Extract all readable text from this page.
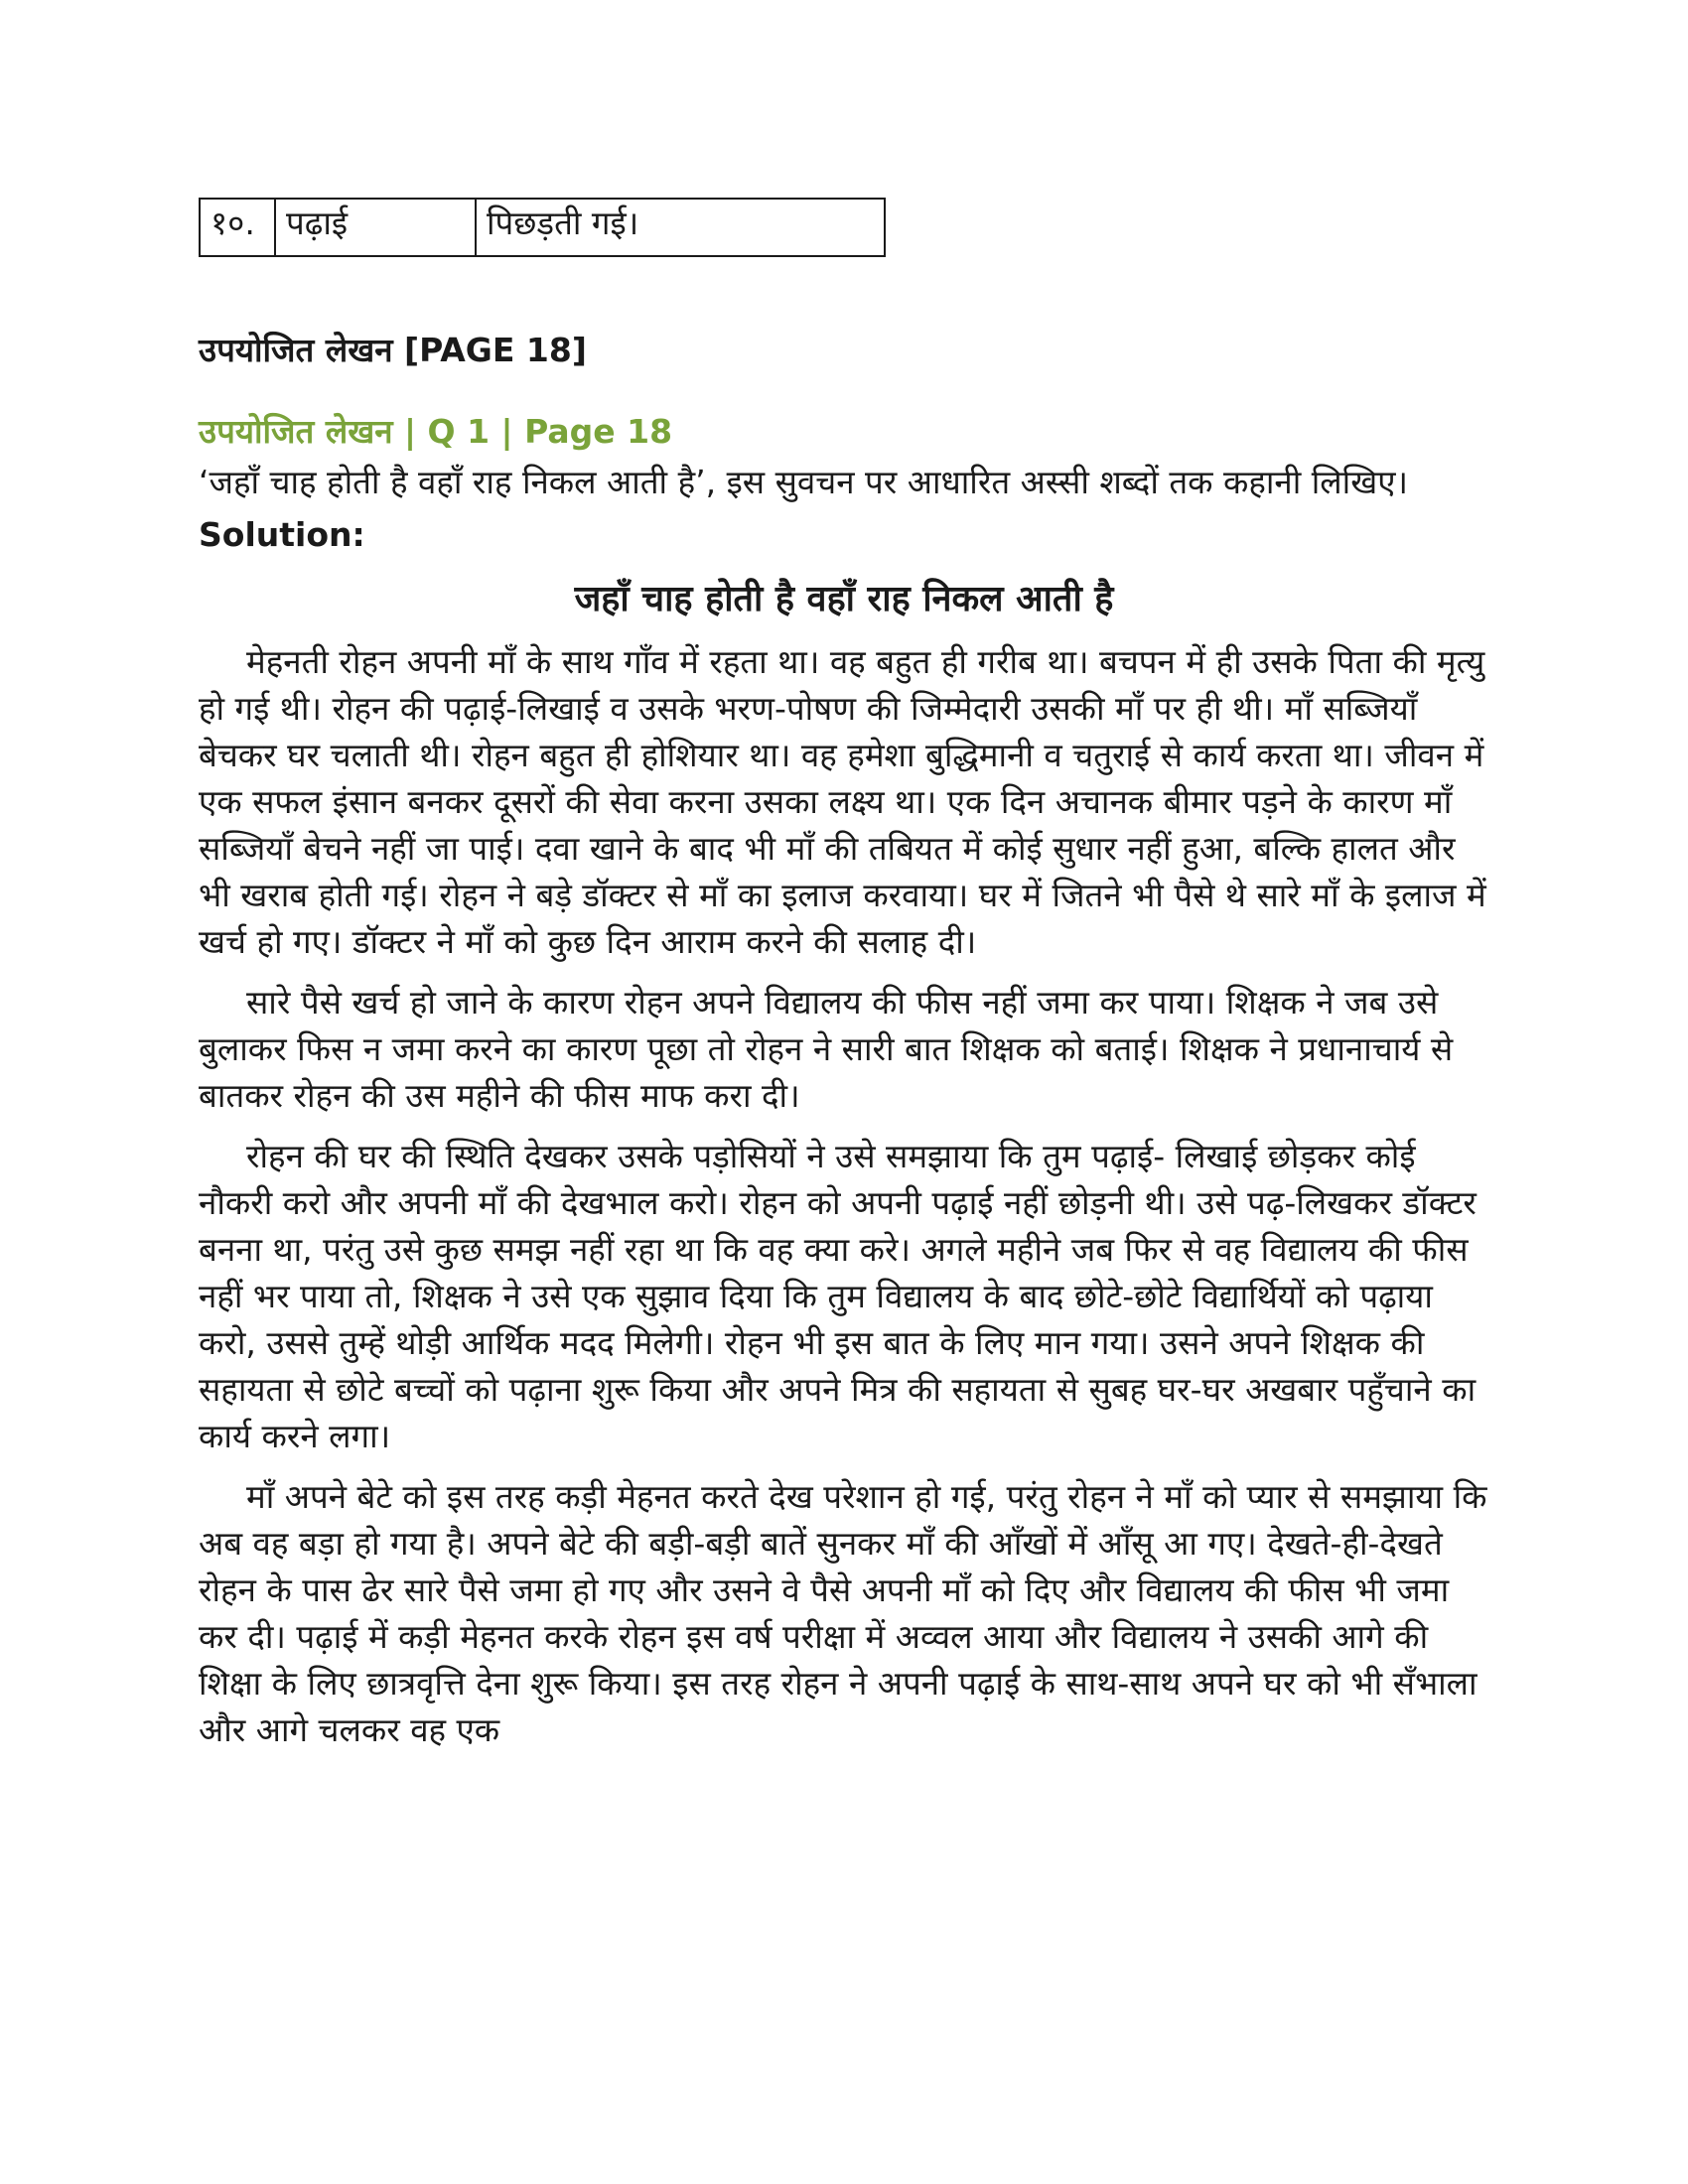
१०.	पढ़ाई	पिछड़ती गई।
उपयोजित लेखन [PAGE 18]
उपयोजित लेखन | Q 1 | Page 18
‘जहाँ चाह होती है वहाँ राह निकल आती है’, इस सुवचन पर आधारित अस्सी शब्दों तक कहानी लिखिए।
Solution:
जहाँ चाह होती है वहाँ राह निकल आती है

मेहनती रोहन अपनी माँ के साथ गाँव में रहता था। वह बहुत ही गरीब था। बचपन में ही उसके पिता की मृत्यु हो गई थी। रोहन की पढ़ाई-लिखाई व उसके भरण-पोषण की जिम्मेदारी उसकी माँ पर ही थी। माँ सब्जियाँ बेचकर घर चलाती थी। रोहन बहुत ही होशियार था। वह हमेशा बुद्धिमानी व चतुराई से कार्य करता था। जीवन में एक सफल इंसान बनकर दूसरों की सेवा करना उसका लक्ष्य था। एक दिन अचानक बीमार पड़ने के कारण माँ सब्जियाँ बेचने नहीं जा पाई। दवा खाने के बाद भी माँ की तबियत में कोई सुधार नहीं हुआ, बल्कि हालत और भी खराब होती गई। रोहन ने बड़े डॉक्टर से माँ का इलाज करवाया। घर में जितने भी पैसे थे सारे माँ के इलाज में खर्च हो गए। डॉक्टर ने माँ को कुछ दिन आराम करने की सलाह दी।

सारे पैसे खर्च हो जाने के कारण रोहन अपने विद्यालय की फीस नहीं जमा कर पाया। शिक्षक ने जब उसे बुलाकर फिस न जमा करने का कारण पूछा तो रोहन ने सारी बात शिक्षक को बताई। शिक्षक ने प्रधानाचार्य से बातकर रोहन की उस महीने की फीस माफ करा दी।

रोहन की घर की स्थिति देखकर उसके पड़ोसियों ने उसे समझाया कि तुम पढ़ाई- लिखाई छोड़कर कोई नौकरी करो और अपनी माँ की देखभाल करो। रोहन को अपनी पढ़ाई नहीं छोड़नी थी। उसे पढ़-लिखकर डॉक्टर बनना था, परंतु उसे कुछ समझ नहीं रहा था कि वह क्या करे। अगले महीने जब फिर से वह विद्यालय की फीस नहीं भर पाया तो, शिक्षक ने उसे एक सुझाव दिया कि तुम विद्यालय के बाद छोटे-छोटे विद्यार्थियों को पढ़ाया करो, उससे तुम्हें थोड़ी आर्थिक मदद मिलेगी। रोहन भी इस बात के लिए मान गया। उसने अपने शिक्षक की सहायता से छोटे बच्चों को पढ़ाना शुरू किया और अपने मित्र की सहायता से सुबह घर-घर अखबार पहुँचाने का कार्य करने लगा।

माँ अपने बेटे को इस तरह कड़ी मेहनत करते देख परेशान हो गई, परंतु रोहन ने माँ को प्यार से समझाया कि अब वह बड़ा हो गया है। अपने बेटे की बड़ी-बड़ी बातें सुनकर माँ की आँखों में आँसू आ गए। देखते-ही-देखते रोहन के पास ढेर सारे पैसे जमा हो गए और उसने वे पैसे अपनी माँ को दिए और विद्यालय की फीस भी जमा कर दी। पढ़ाई में कड़ी मेहनत करके रोहन इस वर्ष परीक्षा में अव्वल आया और विद्यालय ने उसकी आगे की शिक्षा के लिए छात्रवृत्ति देना शुरू किया। इस तरह रोहन ने अपनी पढ़ाई के साथ-साथ अपने घर को भी सँभाला और आगे चलकर वह एक
